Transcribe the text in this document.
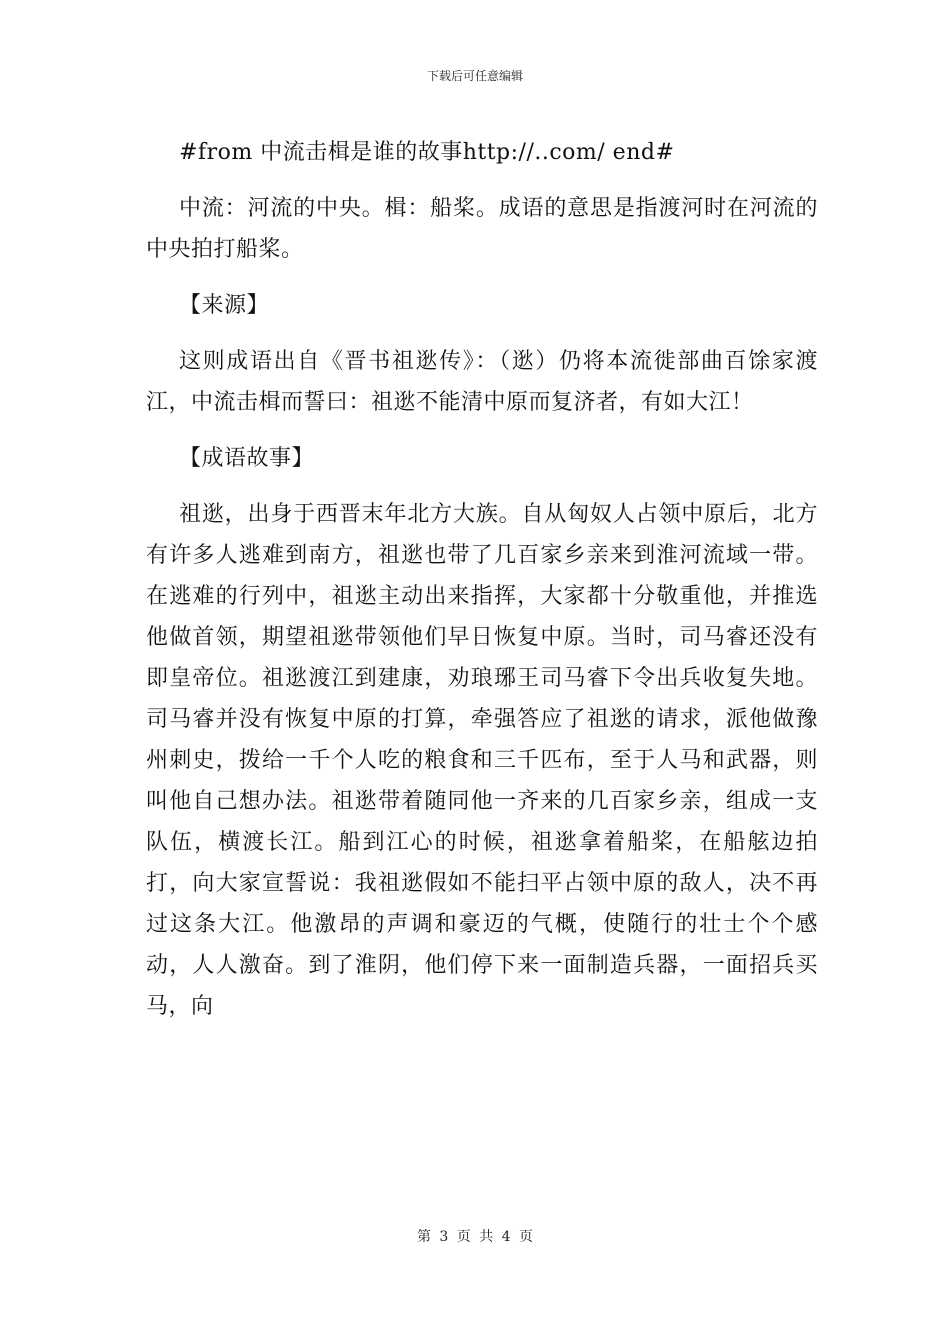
下载后可任意编辑

#from 中流击楫是谁的故事http://..com/ end#

中流：河流的中央。楫：船桨。成语的意思是指渡河时在河流的中央拍打船桨。

【来源】

这则成语出自《晋书祖逖传》：（逖）仍将本流徙部曲百馀家渡江，中流击楫而誓曰：祖逖不能清中原而复济者，有如大江！

【成语故事】

祖逖，出身于西晋末年北方大族。自从匈奴人占领中原后，北方有许多人逃难到南方，祖逖也带了几百家乡亲来到淮河流域一带。在逃难的行列中，祖逖主动出来指挥，大家都十分敬重他，并推选他做首领，期望祖逖带领他们早日恢复中原。当时，司马睿还没有即皇帝位。祖逖渡江到建康，劝琅琊王司马睿下令出兵收复失地。司马睿并没有恢复中原的打算，牵强答应了祖逖的请求，派他做豫州刺史，拨给一千个人吃的粮食和三千匹布，至于人马和武器，则叫他自己想办法。祖逖带着随同他一齐来的几百家乡亲，组成一支队伍，横渡长江。船到江心的时候，祖逖拿着船桨，在船舷边拍打，向大家宣誓说：我祖逖假如不能扫平占领中原的敌人，决不再过这条大江。他激昂的声调和豪迈的气概，使随行的壮士个个感动，人人激奋。到了淮阴，他们停下来一面制造兵器，一面招兵买马，向

第 3 页 共 4 页
